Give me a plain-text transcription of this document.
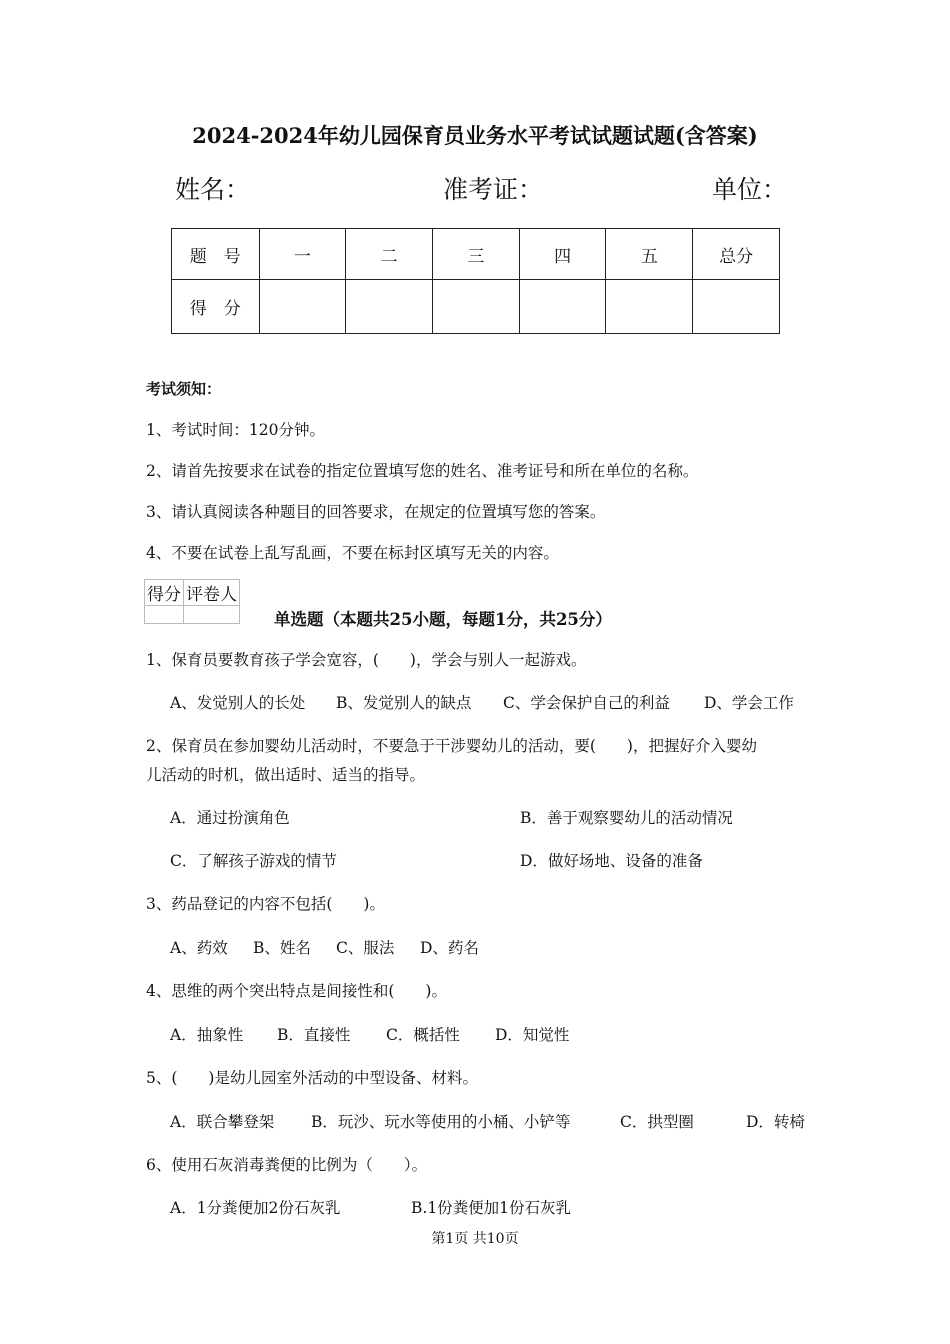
2024-2024年幼儿园保育员业务水平考试试题试题(含答案)
姓名：	准考证：	单位：
题　号	一	二	三	四	五	总分
得　分						
考试须知：
1、考试时间：120分钟。
2、请首先按要求在试卷的指定位置填写您的姓名、准考证号和所在单位的名称。
3、请认真阅读各种题目的回答要求，在规定的位置填写您的答案。
4、不要在试卷上乱写乱画，不要在标封区填写无关的内容。
得分	评卷人

单选题（本题共25小题，每题1分，共25分）
1、保育员要教育孩子学会宽容，(　　)，学会与别人一起游戏。
A、发觉别人的长处 B、发觉别人的缺点 C、学会保护自己的利益 D、学会工作
2、保育员在参加婴幼儿活动时，不要急于干涉婴幼儿的活动，要(　　)，把握好介入婴幼
儿活动的时机，做出适时、适当的指导。
A．通过扮演角色	B．善于观察婴幼儿的活动情况
C．了解孩子游戏的情节	D．做好场地、设备的准备
3、药品登记的内容不包括(　　)。
A、药效 B、姓名 C、服法 D、药名
4、思维的两个突出特点是间接性和(　　)。
A．抽象性 B．直接性 C．概括性 D．知觉性
5、(　　)是幼儿园室外活动的中型设备、材料。
A．联合攀登架 B．玩沙、玩水等使用的小桶、小铲等	C．拱型圈	D．转椅
6、使用石灰消毒粪便的比例为（　　）。
A．1分粪便加2份石灰乳	B.1份粪便加1份石灰乳
第1页 共10页
